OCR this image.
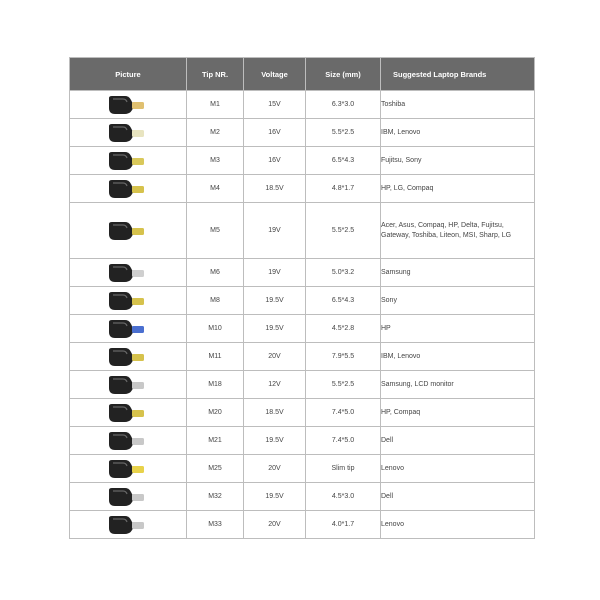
Picture	Tip NR.	Voltage	Size (mm)	Suggested Laptop Brands
	M1	15V	6.3*3.0	Toshiba
	M2	16V	5.5*2.5	IBM, Lenovo
	M3	16V	6.5*4.3	Fujitsu, Sony
	M4	18.5V	4.8*1.7	HP, LG, Compaq
	M5	19V	5.5*2.5	Acer, Asus, Compaq, HP, Delta, Fujitsu, Gateway, Toshiba, Liteon, MSI, Sharp, LG
	M6	19V	5.0*3.2	Samsung
	M8	19.5V	6.5*4.3	Sony
	M10	19.5V	4.5*2.8	HP
	M11	20V	7.9*5.5	IBM, Lenovo
	M18	12V	5.5*2.5	Samsung, LCD monitor
	M20	18.5V	7.4*5.0	HP, Compaq
	M21	19.5V	7.4*5.0	Dell
	M25	20V	Slim tip	Lenovo
	M32	19.5V	4.5*3.0	Dell
	M33	20V	4.0*1.7	Lenovo
